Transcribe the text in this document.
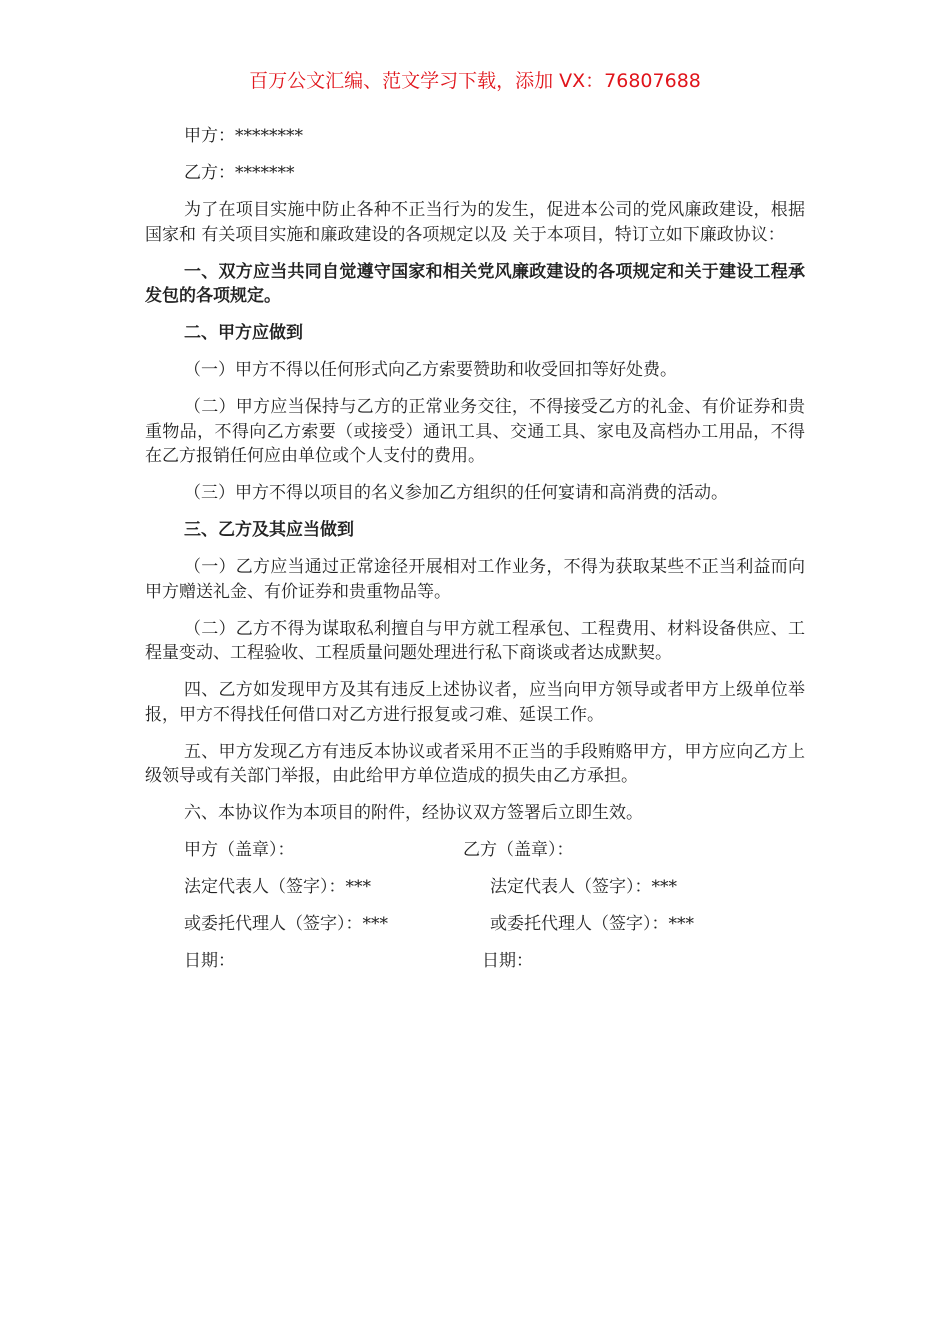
百万公文汇编、范文学习下载，添加 VX：76807688

甲方：********

乙方：*******

为了在项目实施中防止各种不正当行为的发生，促进本公司的党风廉政建设，根据国家和 有关项目实施和廉政建设的各项规定以及 关于本项目，特订立如下廉政协议：

一、双方应当共同自觉遵守国家和相关党风廉政建设的各项规定和关于建设工程承发包的各项规定。

二、甲方应做到

（一）甲方不得以任何形式向乙方索要赞助和收受回扣等好处费。

（二）甲方应当保持与乙方的正常业务交往，不得接受乙方的礼金、有价证券和贵重物品，不得向乙方索要（或接受）通讯工具、交通工具、家电及高档办工用品，不得在乙方报销任何应由单位或个人支付的费用。

（三）甲方不得以项目的名义参加乙方组织的任何宴请和高消费的活动。

三、乙方及其应当做到

（一）乙方应当通过正常途径开展相对工作业务，不得为获取某些不正当利益而向甲方赠送礼金、有价证券和贵重物品等。

（二）乙方不得为谋取私利擅自与甲方就工程承包、工程费用、材料设备供应、工程量变动、工程验收、工程质量问题处理进行私下商谈或者达成默契。

四、乙方如发现甲方及其有违反上述协议者，应当向甲方领导或者甲方上级单位举报，甲方不得找任何借口对乙方进行报复或刁难、延误工作。

五、甲方发现乙方有违反本协议或者采用不正当的手段贿赂甲方，甲方应向乙方上级领导或有关部门举报，由此给甲方单位造成的损失由乙方承担。

六、本协议作为本项目的附件，经协议双方签署后立即生效。

甲方（盖章）：	乙方（盖章）：
法定代表人（签字）：***	法定代表人（签字）：***
或委托代理人（签字）：***	或委托代理人（签字）：***
日期：	日期：
